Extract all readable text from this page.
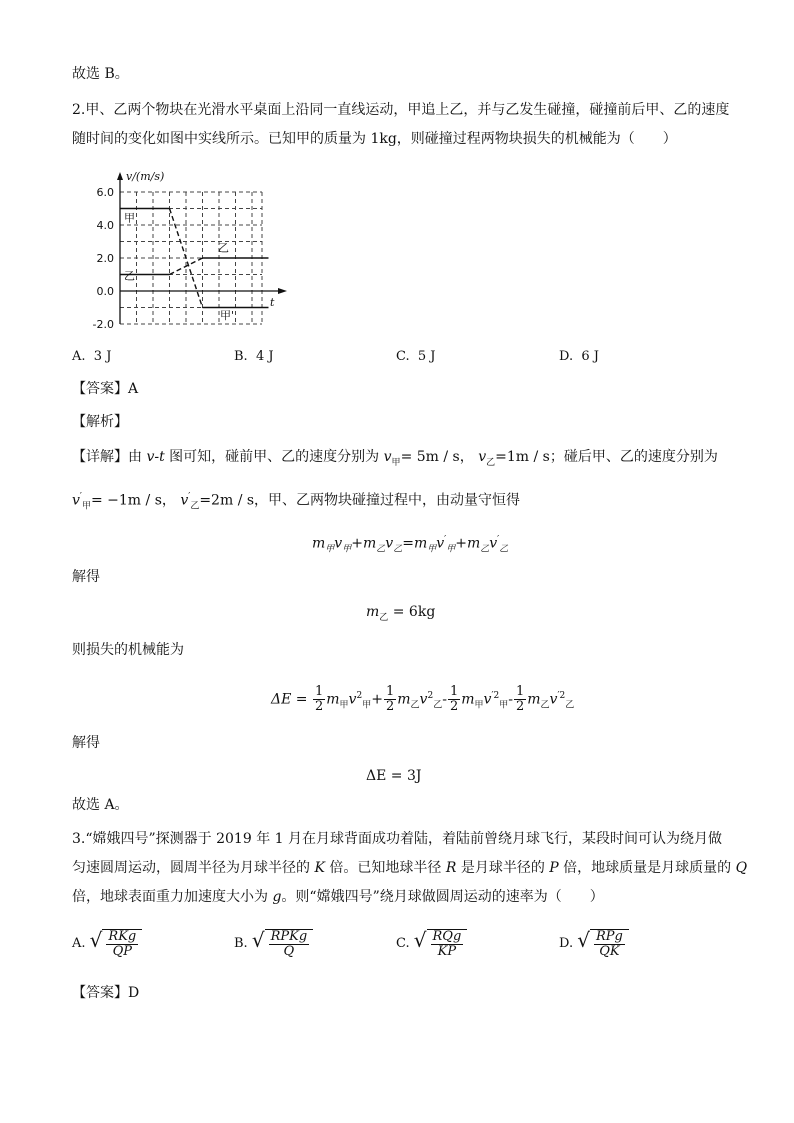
故选 B。
2.甲、乙两个物块在光滑水平桌面上沿同一直线运动，甲追上乙，并与乙发生碰撞，碰撞前后甲、乙的速度
随时间的变化如图中实线所示。已知甲的质量为 1kg，则碰撞过程两物块损失的机械能为（　　）
v/(m/s)
t
6.0
4.0
2.0
0.0
-2.0
甲
乙
乙
甲'
A. 3 J	B. 4 J	C. 5 J	D. 6 J
【答案】A
【解析】
【详解】由 v-t 图可知，碰前甲、乙的速度分别为 $v_甲= 5m / s$， $v_乙=1m / s$；碰后甲、乙的速度分别为
$v'_甲= -1m / s$， $v'_乙=2m / s$，甲、乙两物块碰撞过程中，由动量守恒得
$m_甲v_甲+m_乙v_乙=m_甲v'_甲+m_乙v'_乙$
解得
$m_乙 = 6kg$
则损失的机械能为
$\Delta E = \frac{1}{2} m_甲v^2_甲+ \frac{1}{2} m_乙v^2_乙- \frac{1}{2} m_甲v^{'2}_甲- \frac{1}{2} m_乙v^{'2}_乙$
解得
ΔE = 3J
故选 A。
3.“嫦娥四号”探测器于 2019 年 1 月在月球背面成功着陆，着陆前曾绕月球飞行，某段时间可认为绕月做
匀速圆周运动，圆周半径为月球半径的 K 倍。已知地球半径 R 是月球半径的 P 倍，地球质量是月球质量的 Q
倍，地球表面重力加速度大小为 g。则“嫦娥四号”绕月球做圆周运动的速率为（　　）
A. √ $\frac{\text{RKg}}{QP}$	B. √ $\frac{\text{RPKg}}{Q}$	C. √ $\frac{\text{RQg}}{KP}$	D. √ $\frac{\text{RPg}}{QK}$
【答案】D
